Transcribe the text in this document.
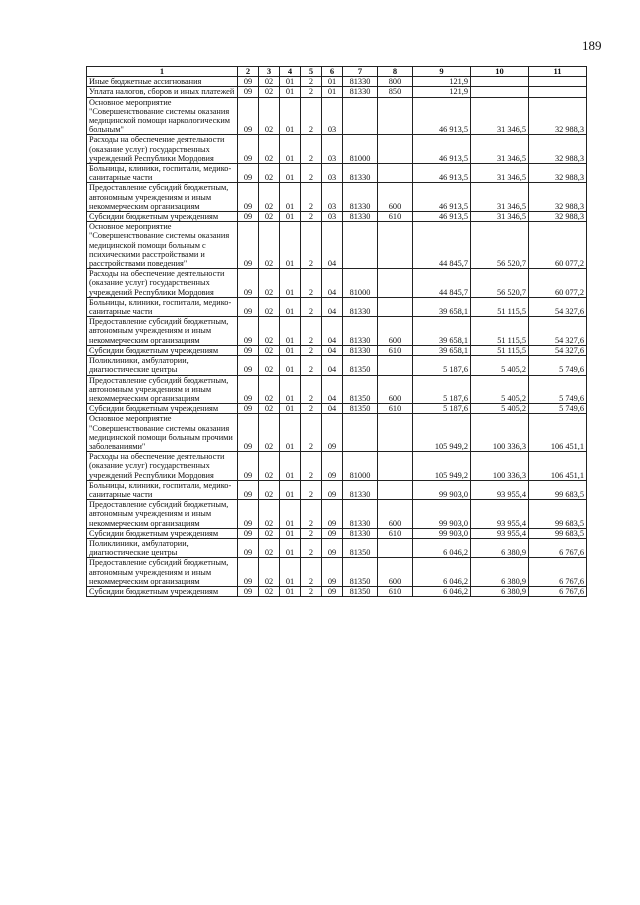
189
1	2	3	4	5	6	7	8	9	10	11
Иные бюджетные ассигнования	09	02	01	2	01	81330	800	121,9		
Уплата налогов, сборов и иных платежей	09	02	01	2	01	81330	850	121,9		
Основное мероприятие "Совершенствование системы оказания медицинской помощи наркологическим больным"	09	02	01	2	03			46 913,5	31 346,5	32 988,3
Расходы на обеспечение деятельности (оказание услуг) государственных учреждений Республики Мордовия	09	02	01	2	03	81000		46 913,5	31 346,5	32 988,3
Больницы, клиники, госпитали, медико-санитарные части	09	02	01	2	03	81330		46 913,5	31 346,5	32 988,3
Предоставление субсидий бюджетным, автономным учреждениям и иным некоммерческим организациям	09	02	01	2	03	81330	600	46 913,5	31 346,5	32 988,3
Субсидии бюджетным учреждениям	09	02	01	2	03	81330	610	46 913,5	31 346,5	32 988,3
Основное мероприятие "Совершенствование системы оказания медицинской помощи больным с психическими расстройствами и расстройствами поведения"	09	02	01	2	04			44 845,7	56 520,7	60 077,2
Расходы на обеспечение деятельности (оказание услуг) государственных учреждений Республики Мордовия	09	02	01	2	04	81000		44 845,7	56 520,7	60 077,2
Больницы, клиники, госпитали, медико-санитарные части	09	02	01	2	04	81330		39 658,1	51 115,5	54 327,6
Предоставление субсидий бюджетным, автономным учреждениям и иным некоммерческим организациям	09	02	01	2	04	81330	600	39 658,1	51 115,5	54 327,6
Субсидии бюджетным учреждениям	09	02	01	2	04	81330	610	39 658,1	51 115,5	54 327,6
Поликлиники, амбулатории, диагностические центры	09	02	01	2	04	81350		5 187,6	5 405,2	5 749,6
Предоставление субсидий бюджетным, автономным учреждениям и иным некоммерческим организациям	09	02	01	2	04	81350	600	5 187,6	5 405,2	5 749,6
Субсидии бюджетным учреждениям	09	02	01	2	04	81350	610	5 187,6	5 405,2	5 749,6
Основное мероприятие "Совершенствование системы оказания медицинской помощи больным прочими заболеваниями"	09	02	01	2	09			105 949,2	100 336,3	106 451,1
Расходы на обеспечение деятельности (оказание услуг) государственных учреждений Республики Мордовия	09	02	01	2	09	81000		105 949,2	100 336,3	106 451,1
Больницы, клиники, госпитали, медико-санитарные части	09	02	01	2	09	81330		99 903,0	93 955,4	99 683,5
Предоставление субсидий бюджетным, автономным учреждениям и иным некоммерческим организациям	09	02	01	2	09	81330	600	99 903,0	93 955,4	99 683,5
Субсидии бюджетным учреждениям	09	02	01	2	09	81330	610	99 903,0	93 955,4	99 683,5
Поликлиники, амбулатории, диагностические центры	09	02	01	2	09	81350		6 046,2	6 380,9	6 767,6
Предоставление субсидий бюджетным, автономным учреждениям и иным некоммерческим организациям	09	02	01	2	09	81350	600	6 046,2	6 380,9	6 767,6
Субсидии бюджетным учреждениям	09	02	01	2	09	81350	610	6 046,2	6 380,9	6 767,6
